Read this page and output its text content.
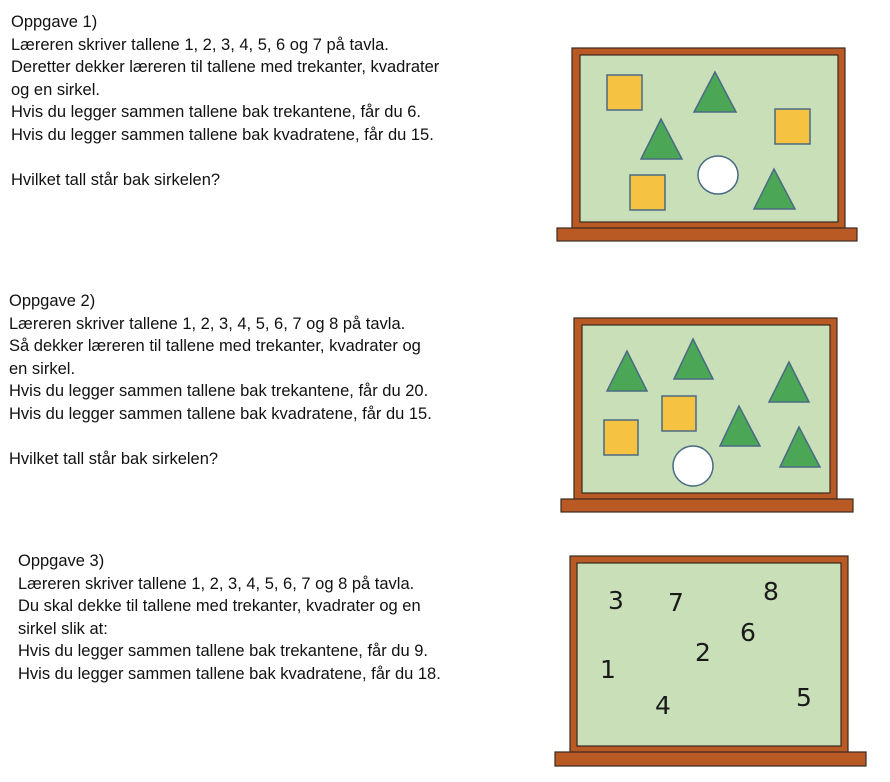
Oppgave 1)
Læreren skriver tallene 1, 2, 3, 4, 5, 6 og 7 på tavla.
Deretter dekker læreren til tallene med trekanter, kvadrater
og en sirkel.
Hvis du legger sammen tallene bak trekantene, får du 6.
Hvis du legger sammen tallene bak kvadratene, får du 15.
Hvilket tall står bak sirkelen?
Oppgave 2)
Læreren skriver tallene 1, 2, 3, 4, 5, 6, 7 og 8 på tavla.
Så dekker læreren til tallene med trekanter, kvadrater og
en sirkel.
Hvis du legger sammen tallene bak trekantene, får du 20.
Hvis du legger sammen tallene bak kvadratene, får du 15.
Hvilket tall står bak sirkelen?
Oppgave 3)
Læreren skriver tallene 1, 2, 3, 4, 5, 6, 7 og 8 på tavla.
Du skal dekke til tallene med trekanter, kvadrater og en
sirkel slik at:
Hvis du legger sammen tallene bak trekantene, får du 9.
Hvis du legger sammen tallene bak kvadratene, får du 18.
3 7	8
6
2
1
4	5
